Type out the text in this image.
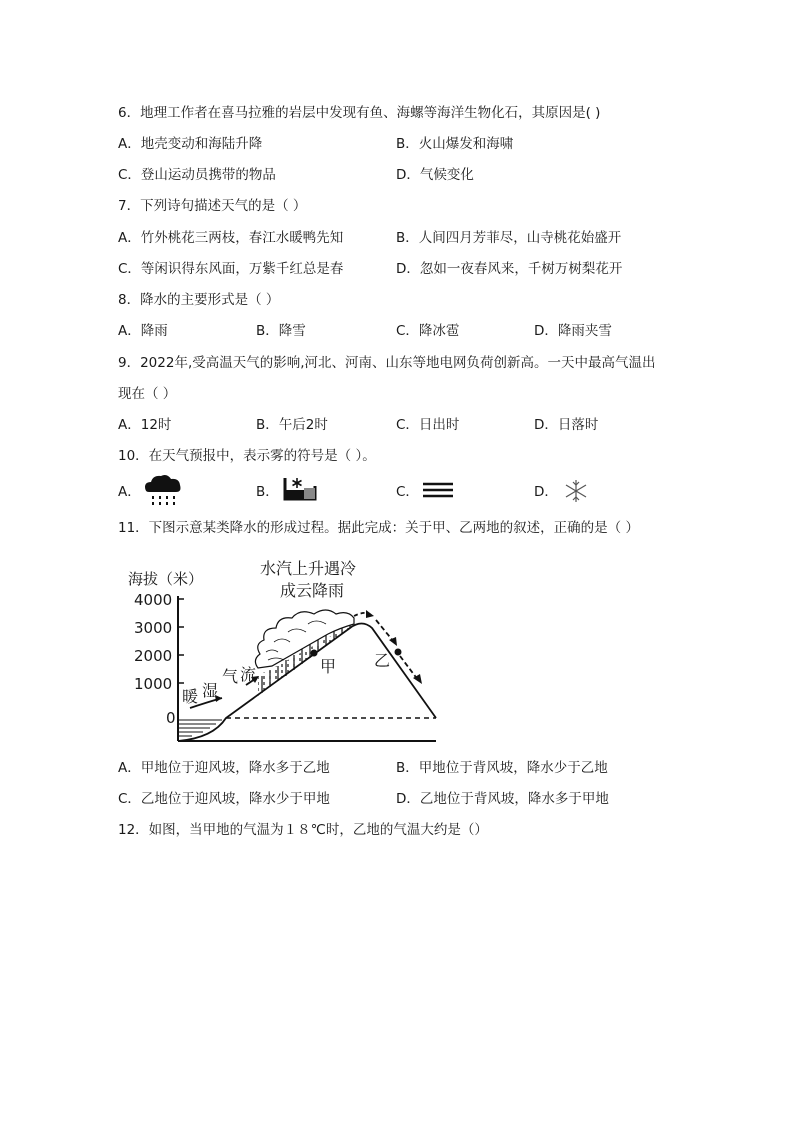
6．地理工作者在喜马拉雅的岩层中发现有鱼、海螺等海洋生物化石，其原因是( )
A．地壳变动和海陆升降	B．火山爆发和海啸
C．登山运动员携带的物品	D．气候变化
7．下列诗句描述天气的是（ ）
A．竹外桃花三两枝，春江水暖鸭先知	B．人间四月芳菲尽，山寺桃花始盛开
C．等闲识得东风面，万紫千红总是春	D．忽如一夜春风来，千树万树梨花开
8．降水的主要形式是（ ）
A．降雨	B．降雪	C．降冰雹	D．降雨夹雪
9．2022年,受高温天气的影响,河北、河南、山东等地电网负荷创新高。一天中最高气温出
现在（ ）
A．12时	B．午后2时	C．日出时	D．日落时
10．在天气预报中，表示雾的符号是（ ）。
A．	B．	C．	D．
11．下图示意某类降水的形成过程。据此完成：关于甲、乙两地的叙述，正确的是（ ）
海拔（米）
4000
3000
2000
1000
0
暖 湿
气 流
水汽上升遇冷
成云降雨
甲 乙
A．甲地位于迎风坡，降水多于乙地	B．甲地位于背风坡，降水少于乙地
C．乙地位于迎风坡，降水少于甲地	D．乙地位于背风坡，降水多于甲地
12．如图，当甲地的气温为１８℃时，乙地的气温大约是（）
